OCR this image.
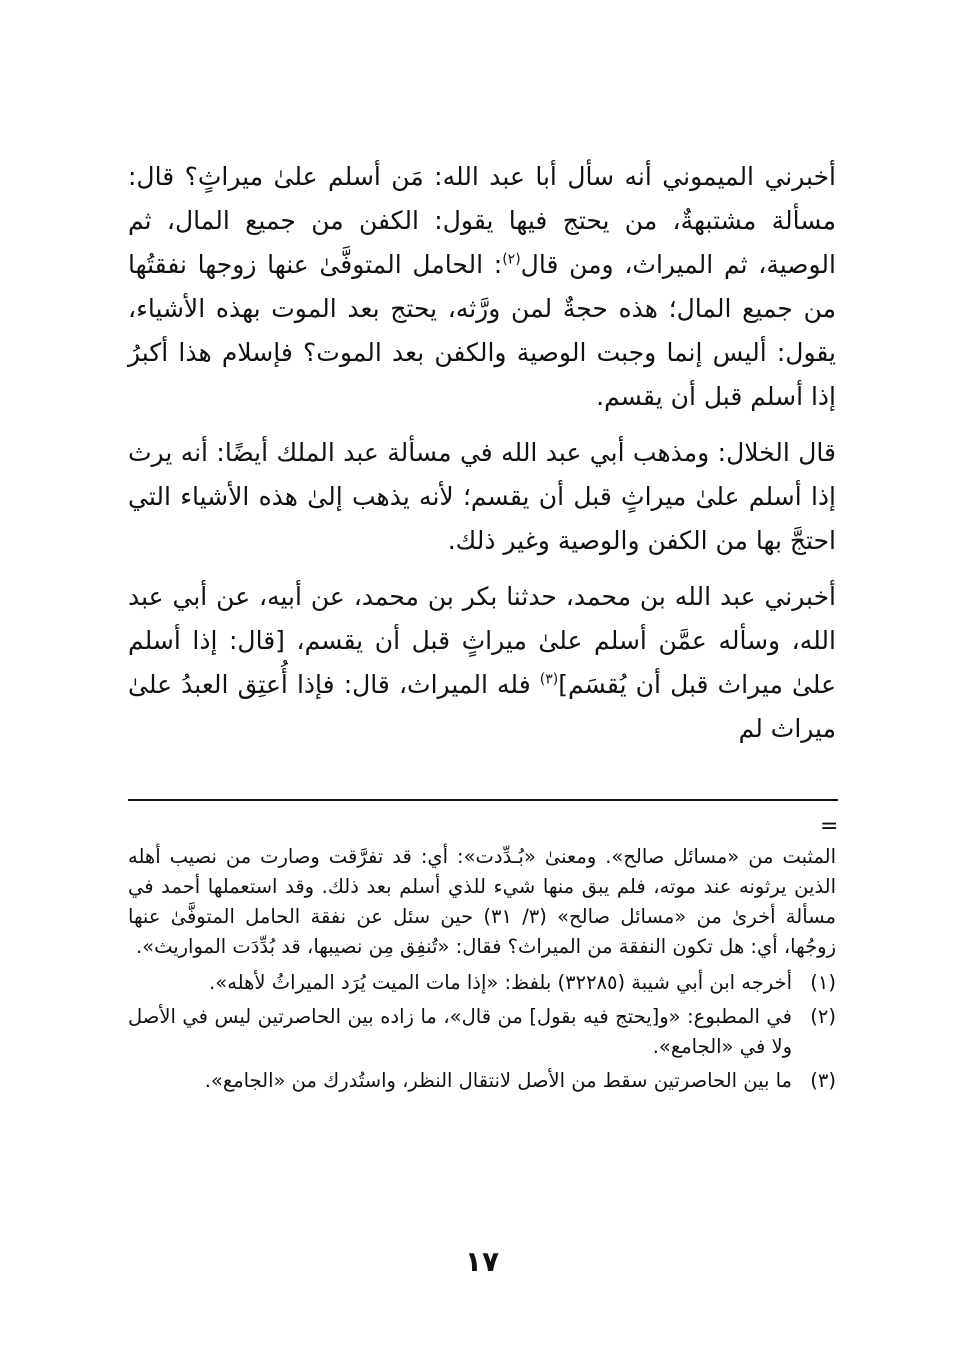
أخبرني الميموني أنه سأل أبا عبد الله: مَن أسلم علىٰ ميراثٍ؟ قال: مسألة مشتبهةٌ، من يحتج فيها يقول: الكفن من جميع المال، ثم الوصية، ثم الميراث، ومن قال$^{(٢)}$: الحامل المتوفَّىٰ عنها زوجها نفقتُها من جميع المال؛ هذه حجةٌ لمن ورَّثه، يحتج بعد الموت بهذه الأشياء، يقول: أليس إنما وجبت الوصية والكفن بعد الموت؟ فإسلام هذا أكبرُ إذا أسلم قبل أن يقسم.

قال الخلال: ومذهب أبي عبد الله في مسألة عبد الملك أيضًا: أنه يرث إذا أسلم علىٰ ميراثٍ قبل أن يقسم؛ لأنه يذهب إلىٰ هذه الأشياء التي احتجَّ بها من الكفن والوصية وغير ذلك.

أخبرني عبد الله بن محمد، حدثنا بكر بن محمد، عن أبيه، عن أبي عبد الله، وسأله عمَّن أسلم علىٰ ميراثٍ قبل أن يقسم، [قال: إذا أسلم علىٰ ميراث قبل أن يُقسَم]$^{(٣)}$ فله الميراث، قال: فإذا أُعتِق العبدُ علىٰ ميراث لم

=

المثبت من «مسائل صالح». ومعنىٰ «بُـدِّدت»: أي: قد تفرَّقت وصارت من نصيب أهله الذين يرثونه عند موته، فلم يبق منها شيء للذي أسلم بعد ذلك. وقد استعملها أحمد في مسألة أخرىٰ من «مسائل صالح» (٣/ ٣١) حين سئل عن نفقة الحامل المتوفَّىٰ عنها زوجُها، أي: هل تكون النفقة من الميراث؟ فقال: «تُنفِق مِن نصيبها، قد بُدِّدَت المواريث».

(١)
أخرجه ابن أبي شيبة (٣٢٢٨٥) بلفظ: «إذا مات الميت يُرَد الميراثُ لأهله».
(٢)
في المطبوع: «و[يحتج فيه بقول] من قال»، ما زاده بين الحاصرتين ليس في الأصل ولا في «الجامع».
(٣)
ما بين الحاصرتين سقط من الأصل لانتقال النظر، واستُدرك من «الجامع».
١٧
